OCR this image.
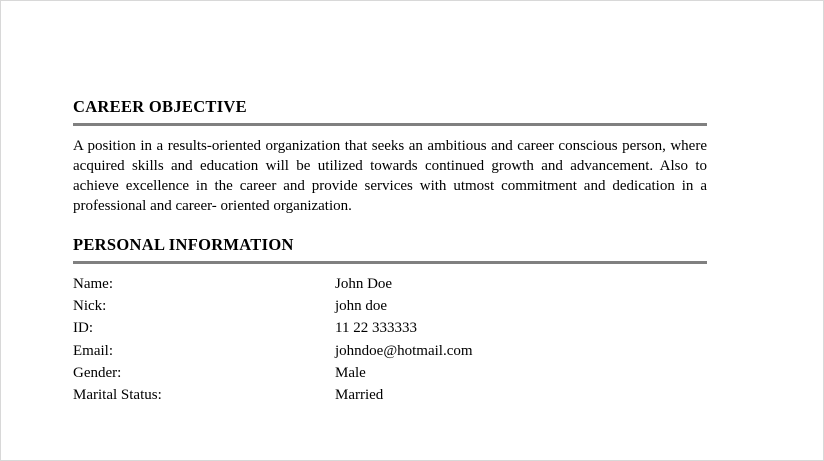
CAREER OBJECTIVE

A position in a results-oriented organization that seeks an ambitious and career conscious person, where acquired skills and education will be utilized towards continued growth and advancement. Also to achieve excellence in the career and provide services with utmost commitment and dedication in a professional and career- oriented organization.

PERSONAL INFORMATION
Name:	John Doe
Nick:	john doe
ID:	11 22 333333
Email:	johndoe@hotmail.com
Gender:	Male
Marital Status:	Married
